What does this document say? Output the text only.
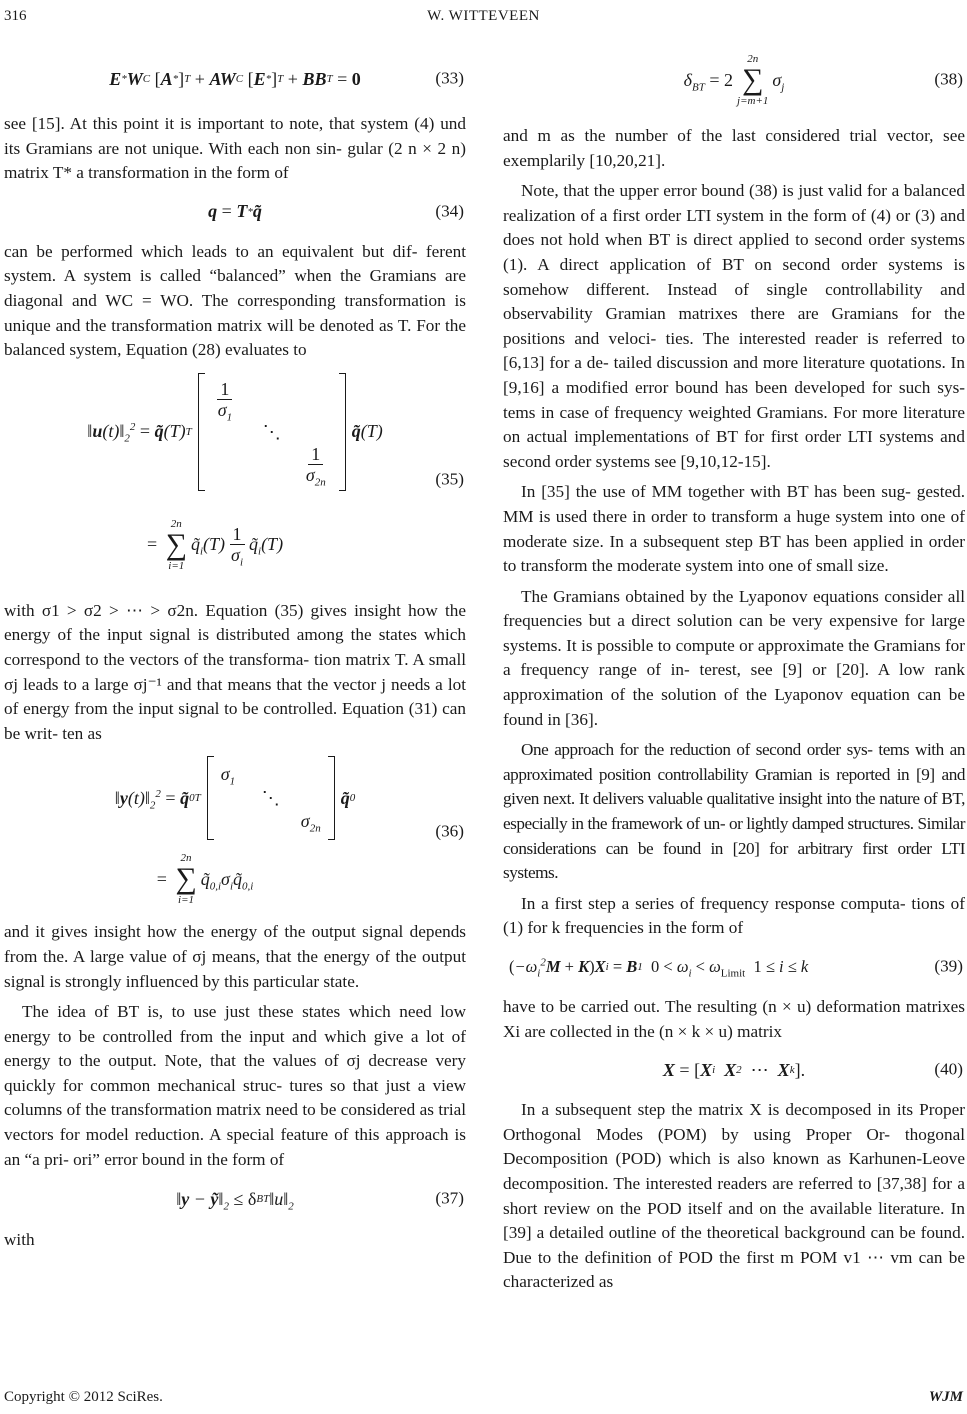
316	W. WITTEVEEN
E * W C [ A * ] T + AW C [ E * ] T + BB T = 0	(33)

see [15]. At this point it is important to note, that system (4) und its Gramians are not unique. With each non sin- gular (2 n × 2 n) matrix T* a transformation in the form of

q = T * q̃	(34)

can be performed which leads to an equivalent but dif- ferent system. A system is called “balanced” when the Gramians are diagonal and WC = WO. The corresponding transformation is unique and the transformation matrix will be denoted as T. For the balanced system, Equation (28) evaluates to

$‖u(t)‖_2^2$ = q̃ (T) T
$\frac{1}{\sigma_1}$
⋱
$\frac{1}{\sigma_{2n}}$
q̃ (T)
=
2n
∑
i=1
$q̃_i(T) \frac{1}{\sigma_i}$ $q̃_i(T)$
(35)

with σ1 > σ2 > ⋯ > σ2n. Equation (35) gives insight how the energy of the input signal is distributed among the states which correspond to the vectors of the transforma- tion matrix T. A small σj leads to a large σj⁻¹ and that means that the vector j needs a lot of energy from the input signal to be controlled. Equation (31) can be writ- ten as

$‖y(t)‖_2^2$ = q̃ 0 T
$\sigma_1$
⋱
$\sigma_{2n}$
q̃ 0
=
2n
∑
i=1
$q̃_{0,i}\sigma_iq̃_{0,i}$
(36)

and it gives insight how the energy of the output signal depends from the. A large value of σj means, that the energy of the output signal is strongly influenced by this particular state.

The idea of BT is, to use just these states which need low energy to be controlled from the input and which give a lot of energy to the output. Note, that the values of σj decrease very quickly for common mechanical struc- tures so that just a view columns of the transformation matrix need to be considered as trial vectors for model reduction. A special feature of this approach is an “a pri- ori” error bound in the form of

‖y − $ỹ‖_2 \le \delta$ BT $‖u‖_2$	(37)

with

$\delta_{BT} = 2$
2n
∑
j=m+1
$\sigma_j$	(38)

and m as the number of the last considered trial vector, see exemplarily [10,20,21].

Note, that the upper error bound (38) is just valid for a balanced realization of a first order LTI system in the form of (4) or (3) and does not hold when BT is direct applied to second order systems (1). A direct application of BT on second order systems is somehow different. Instead of single controllability and observability Gramian matrixes there are Gramians for the positions and veloci- ties. The interested reader is referred to [6,13] for a de- tailed discussion and more literature quotations. In [9,16] a modified error bound has been developed for such sys- tems in case of frequency weighted Gramians. For more literature on actual implementations of BT for first order LTI systems and second order systems see [9,10,12-15].

In [35] the use of MM together with BT has been sug- gested. MM is used there in order to transform a huge system into one of moderate size. In a subsequent step BT has been applied in order to transform the moderate system into one of small size.

The Gramians obtained by the Lyaponov equations consider all frequencies but a direct solution can be very expensive for large systems. It is possible to compute or approximate the Gramians for a frequency range of in- terest, see [9] or [20]. A low rank approximation of the solution of the Lyaponov equation can be found in [36].

One approach for the reduction of second order sys- tems with an approximated position controllability Gramian is reported in [9] and given next. It delivers valuable qualitative insight into the nature of BT, especially in the framework of un- or lightly damped structures. Similar considerations can be found in [20] for arbitrary first order LTI systems.

In a first step a series of frequency response computa- tions of (1) for k frequencies in the form of

( $-\omega_i^2$ M + K ) X i = B 1 $0 < \omega_i < \omega_{Limit}$ 1 ≤ i ≤ k	(39)

have to be carried out. The resulting (n × u) deformation matrixes Xi are collected in the (n × k × u) matrix

X = [ X i
X 2 ⋯ X k ].	(40)

In a subsequent step the matrix X is decomposed in its Proper Orthogonal Modes (POM) by using Proper Or- thogonal Decomposition (POD) which is also known as Karhunen-Leove decomposition. The interested readers are referred to [37,38] for a short review on the POD itself and on the available literature. In [39] a detailed outline of the theoretical background can be found. Due to the definition of POD the first m POM v1 ⋯ vm can be characterized as

Copyright © 2012 SciRes.	WJM
